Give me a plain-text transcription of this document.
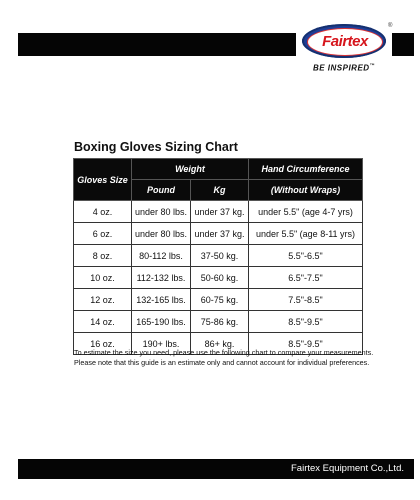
Fairtex
®
BE INSPIRED™
Boxing Gloves Sizing Chart
Gloves Size	Weight		Hand Circumference
	Pound	Kg	(Without Wraps)
4 oz.	under 80 lbs.	under 37 kg.	under 5.5" (age 4-7 yrs)
6 oz.	under 80 lbs.	under 37 kg.	under 5.5" (age 8-11 yrs)
8 oz.	80-112 lbs.	37-50 kg.	5.5"-6.5"
10 oz.	112-132 lbs.	50-60 kg.	6.5"-7.5"
12 oz.	132-165 lbs.	60-75 kg.	7.5"-8.5"
14 oz.	165-190 lbs.	75-86 kg.	8.5"-9.5"
16 oz.	190+ lbs.	86+ kg.	8.5"-9.5"
To estimate the size you need, please use the following chart to compare your measurements. Please note that this guide is an estimate only and cannot account for individual preferences.
Fairtex Equipment Co.,Ltd.
